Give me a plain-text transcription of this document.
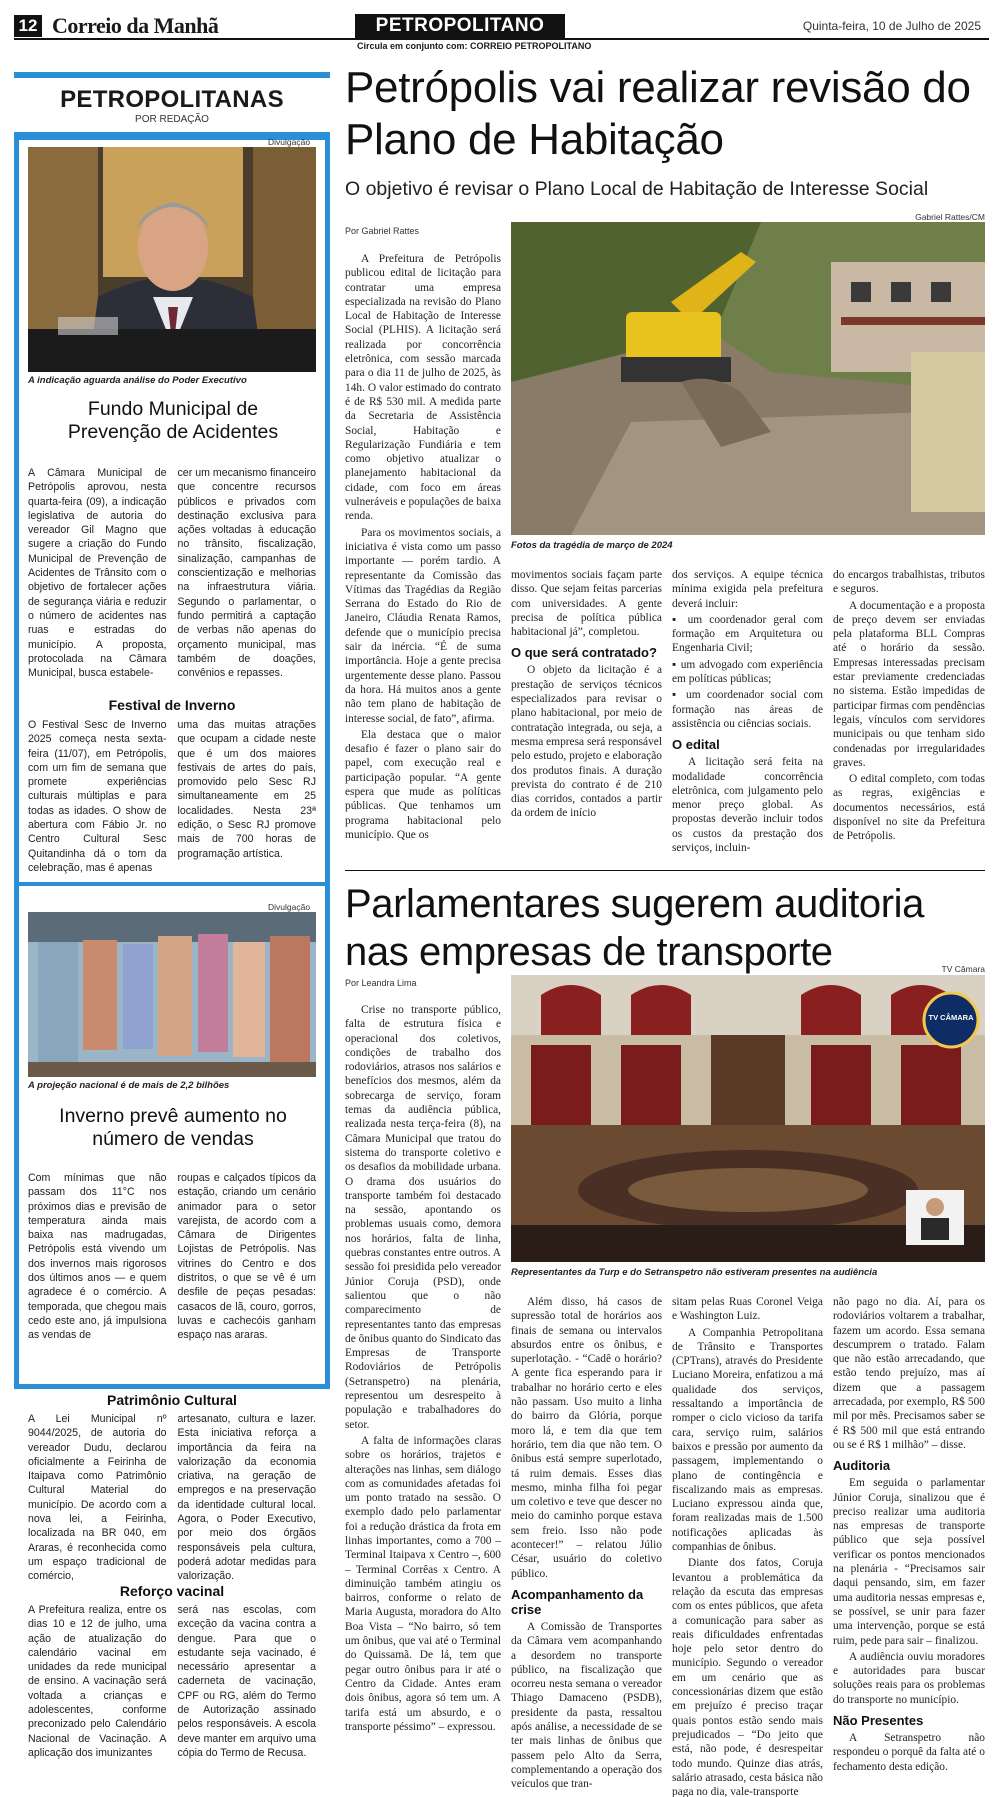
12 Correio da Manhã	PETROPOLITANO
Circula em conjunto com: CORREIO PETROPOLITANO
Quinta-feira, 10 de Julho de 2025
PETROPOLITANAS
POR REDAÇÃO
Divulgação
A indicação aguarda análise do Poder Executivo
Fundo Municipal de Prevenção de Acidentes

A Câmara Municipal de Petrópolis aprovou, nesta quarta-feira (09), a indicação legislativa de autoria do vereador Gil Magno que sugere a criação do Fundo Municipal de Prevenção de Acidentes de Trânsito com o objetivo de fortalecer ações de segurança viária e reduzir o número de acidentes nas ruas e estradas do município. A proposta, protocolada na Câmara Municipal, busca estabele-

cer um mecanismo financeiro que concentre recursos públicos e privados com destinação exclusiva para ações voltadas à educação no trânsito, fiscalização, sinalização, campanhas de conscientização e melhorias na infraestrutura viária. Segundo o parlamentar, o fundo permitirá a captação de verbas não apenas do orçamento municipal, mas também de doações, convênios e repasses.

Festival de Inverno

O Festival Sesc de Inverno 2025 começa nesta sexta-feira (11/07), em Petrópolis, com um fim de semana que promete experiências culturais múltiplas e para todas as idades. O show de abertura com Fábio Jr. no Centro Cultural Sesc Quitandinha dá o tom da celebração, mas é apenas

uma das muitas atrações que ocupam a cidade neste que é um dos maiores festivais de artes do país, promovido pelo Sesc RJ simultaneamente em 25 localidades. Nesta 23ª edição, o Sesc RJ promove mais de 700 horas de programação artística.

Divulgação
A projeção nacional é de mais de 2,2 bilhões
Inverno prevê aumento no número de vendas

Com mínimas que não passam dos 11°C nos próximos dias e previsão de temperatura ainda mais baixa nas madrugadas, Petrópolis está vivendo um dos invernos mais rigorosos dos últimos anos — e quem agradece é o comércio. A temporada, que chegou mais cedo este ano, já impulsiona as vendas de

roupas e calçados típicos da estação, criando um cenário animador para o setor varejista, de acordo com a Câmara de Dirigentes Lojistas de Petrópolis. Nas vitrines do Centro e dos distritos, o que se vê é um desfile de peças pesadas: casacos de lã, couro, gorros, luvas e cachecóis ganham espaço nas araras.

Patrimônio Cultural

A Lei Municipal nº 9044/2025, de autoria do vereador Dudu, declarou oficialmente a Feirinha de Itaipava como Patrimônio Cultural Material do município. De acordo com a nova lei, a Feirinha, localizada na BR 040, em Araras, é reconhecida como um espaço tradicional de comércio,

artesanato, cultura e lazer. Esta iniciativa reforça a importância da feira na valorização da economia criativa, na geração de empregos e na preservação da identidade cultural local. Agora, o Poder Executivo, por meio dos órgãos responsáveis pela cultura, poderá adotar medidas para valorização.

Reforço vacinal

A Prefeitura realiza, entre os dias 10 e 12 de julho, uma ação de atualização do calendário vacinal em unidades da rede municipal de ensino. A vacinação será voltada a crianças e adolescentes, conforme preconizado pelo Calendário Nacional de Vacinação. A aplicação dos imunizantes

será nas escolas, com exceção da vacina contra a dengue. Para que o estudante seja vacinado, é necessário apresentar a caderneta de vacinação, CPF ou RG, além do Termo de Autorização assinado pelos responsáveis. A escola deve manter em arquivo uma cópia do Termo de Recusa.

Petrópolis vai realizar revisão do Plano de Habitação
O objetivo é revisar o Plano Local de Habitação de Interesse Social
Por Gabriel Rattes
Gabriel Rattes/CM
Fotos da tragédia de março de 2024

A Prefeitura de Petrópolis publicou edital de licitação para contratar uma empresa especializada na revisão do Plano Local de Habitação de Interesse Social (PLHIS). A licitação será realizada por concorrência eletrônica, com sessão marcada para o dia 11 de julho de 2025, às 14h. O valor estimado do contrato é de R$ 530 mil. A medida parte da Secretaria de Assistência Social, Habitação e Regularização Fundiária e tem como objetivo atualizar o planejamento habitacional da cidade, com foco em áreas vulneráveis e populações de baixa renda.

Para os movimentos sociais, a iniciativa é vista como um passo importante — porém tardio. A representante da Comissão das Vítimas das Tragédias da Região Serrana do Estado do Rio de Janeiro, Cláudia Renata Ramos, defende que o município precisa sair da inércia. “É de suma importância. Hoje a gente precisa urgentemente desse plano. Passou da hora. Há muitos anos a gente não tem plano de habitação de interesse social, de fato”, afirma.

Ela destaca que o maior desafio é fazer o plano sair do papel, com execução real e participação popular. “A gente espera que mude as políticas públicas. Que tenhamos um programa habitacional pelo município. Que os

movimentos sociais façam parte disso. Que sejam feitas parcerias com universidades. A gente precisa de política pública habitacional já”, completou.

O que será contratado?

O objeto da licitação é a prestação de serviços técnicos especializados para revisar o plano habitacional, por meio de contratação integrada, ou seja, a mesma empresa será responsável pelo estudo, projeto e elaboração dos produtos finais. A duração prevista do contrato é de 210 dias corridos, contados a partir da ordem de início

dos serviços. A equipe técnica mínima exigida pela prefeitura deverá incluir:

▪ um coordenador geral com formação em Arquitetura ou Engenharia Civil;

▪ um advogado com experiência em políticas públicas;

▪ um coordenador social com formação nas áreas de assistência ou ciências sociais.

O edital

A licitação será feita na modalidade concorrência eletrônica, com julgamento pelo menor preço global. As propostas deverão incluir todos os custos da prestação dos serviços, incluin-

do encargos trabalhistas, tributos e seguros.

A documentação e a proposta de preço devem ser enviadas pela plataforma BLL Compras até o horário da sessão. Empresas interessadas precisam estar previamente credenciadas no sistema. Estão impedidas de participar firmas com pendências legais, vínculos com servidores municipais ou que tenham sido condenadas por irregularidades graves.

O edital completo, com todas as regras, exigências e documentos necessários, está disponível no site da Prefeitura de Petrópolis.

Parlamentares sugerem auditoria nas empresas de transporte
Por Leandra Lima
TV Câmara
TV CÂMARA
Representantes da Turp e do Setranspetro não estiveram presentes na audiência

Crise no transporte público, falta de estrutura física e operacional dos coletivos, condições de trabalho dos rodoviários, atrasos nos salários e benefícios dos mesmos, além da sobrecarga de serviço, foram temas da audiência pública, realizada nesta terça-feira (8), na Câmara Municipal que tratou do sistema do transporte coletivo e os desafios da mobilidade urbana. O drama dos usuários do transporte também foi destacado na sessão, apontando os problemas usuais como, demora nos horários, falta de linha, quebras constantes entre outros. A sessão foi presidida pelo vereador Júnior Coruja (PSD), onde salientou que o não comparecimento de representantes tanto das empresas de ônibus quanto do Sindicato das Empresas de Transporte Rodoviários de Petrópolis (Setranspetro) na plenária, representou um desrespeito à população e trabalhadores do setor.

A falta de informações claras sobre os horários, trajetos e alterações nas linhas, sem diálogo com as comunidades afetadas foi um ponto tratado na sessão. O exemplo dado pelo parlamentar foi a redução drástica da frota em linhas importantes, como a 700 – Terminal Itaipava x Centro –, 600 – Terminal Corrêas x Centro. A diminuição também atingiu os bairros, conforme o relato de Maria Augusta, moradora do Alto Boa Vista – “No bairro, só tem um ônibus, que vai até o Terminal do Quissamã. De lá, tem que pegar outro ônibus para ir até o Centro da Cidade. Antes eram dois ônibus, agora só tem um. A tarifa está um absurdo, e o transporte péssimo” – expressou.

Além disso, há casos de supressão total de horários aos finais de semana ou intervalos absurdos entre os ônibus, e superlotação. - “Cadê o horário? A gente fica esperando para ir trabalhar no horário certo e eles não passam. Uso muito a linha do bairro da Glória, porque moro lá, e tem dia que tem horário, tem dia que não tem. O ônibus está sempre superlotado, tá ruim demais. Esses dias mesmo, minha filha foi pegar um coletivo e teve que descer no meio do caminho porque estava sem freio. Isso não pode acontecer!” – relatou Júlio César, usuário do coletivo público.

Acompanhamento da crise

A Comissão de Transportes da Câmara vem acompanhando a desordem no transporte público, na fiscalização que ocorreu nesta semana o vereador Thiago Damaceno (PSDB), presidente da pasta, ressaltou após análise, a necessidade de se ter mais linhas de ônibus que passem pelo Alto da Serra, complementando a operação dos veículos que tran-

sitam pelas Ruas Coronel Veiga e Washington Luiz.

A Companhia Petropolitana de Trânsito e Transportes (CPTrans), através do Presidente Luciano Moreira, enfatizou a má qualidade dos serviços, ressaltando a importância de romper o ciclo vicioso da tarifa cara, serviço ruim, salários baixos e pressão por aumento da passagem, implementando o plano de contingência e fiscalizando mais as empresas. Luciano expressou ainda que, foram realizadas mais de 1.500 notificações aplicadas às companhias de ônibus.

Diante dos fatos, Coruja levantou a problemática da relação da escuta das empresas com os entes públicos, que afeta a comunicação para saber as reais dificuldades enfrentadas hoje pelo setor dentro do município. Segundo o vereador em um cenário que as concessionárias dizem que estão em prejuízo é preciso traçar quais pontos estão sendo mais prejudicados – “Do jeito que está, não pode, é desrespeitar todo mundo. Quinze dias atrás, salário atrasado, cesta básica não paga no dia, vale-transporte

não pago no dia. Aí, para os rodoviários voltarem a trabalhar, fazem um acordo. Essa semana descumprem o tratado. Falam que não estão arrecadando, que estão tendo prejuízo, mas aí dizem que a passagem arrecadada, por exemplo, R$ 500 mil por mês. Precisamos saber se é R$ 500 mil que está entrando ou se é R$ 1 milhão” – disse.

Auditoria

Em seguida o parlamentar Júnior Coruja, sinalizou que é preciso realizar uma auditoria nas empresas de transporte público que seja possível verificar os pontos mencionados na plenária - “Precisamos sair daqui pensando, sim, em fazer uma auditoria nessas empresas e, se possível, se unir para fazer uma intervenção, porque se está ruim, pede para sair – finalizou.

A audiência ouviu moradores e autoridades para buscar soluções reais para os problemas do transporte no município.

Não Presentes

A Setranspetro não respondeu o porquê da falta até o fechamento desta edição.
